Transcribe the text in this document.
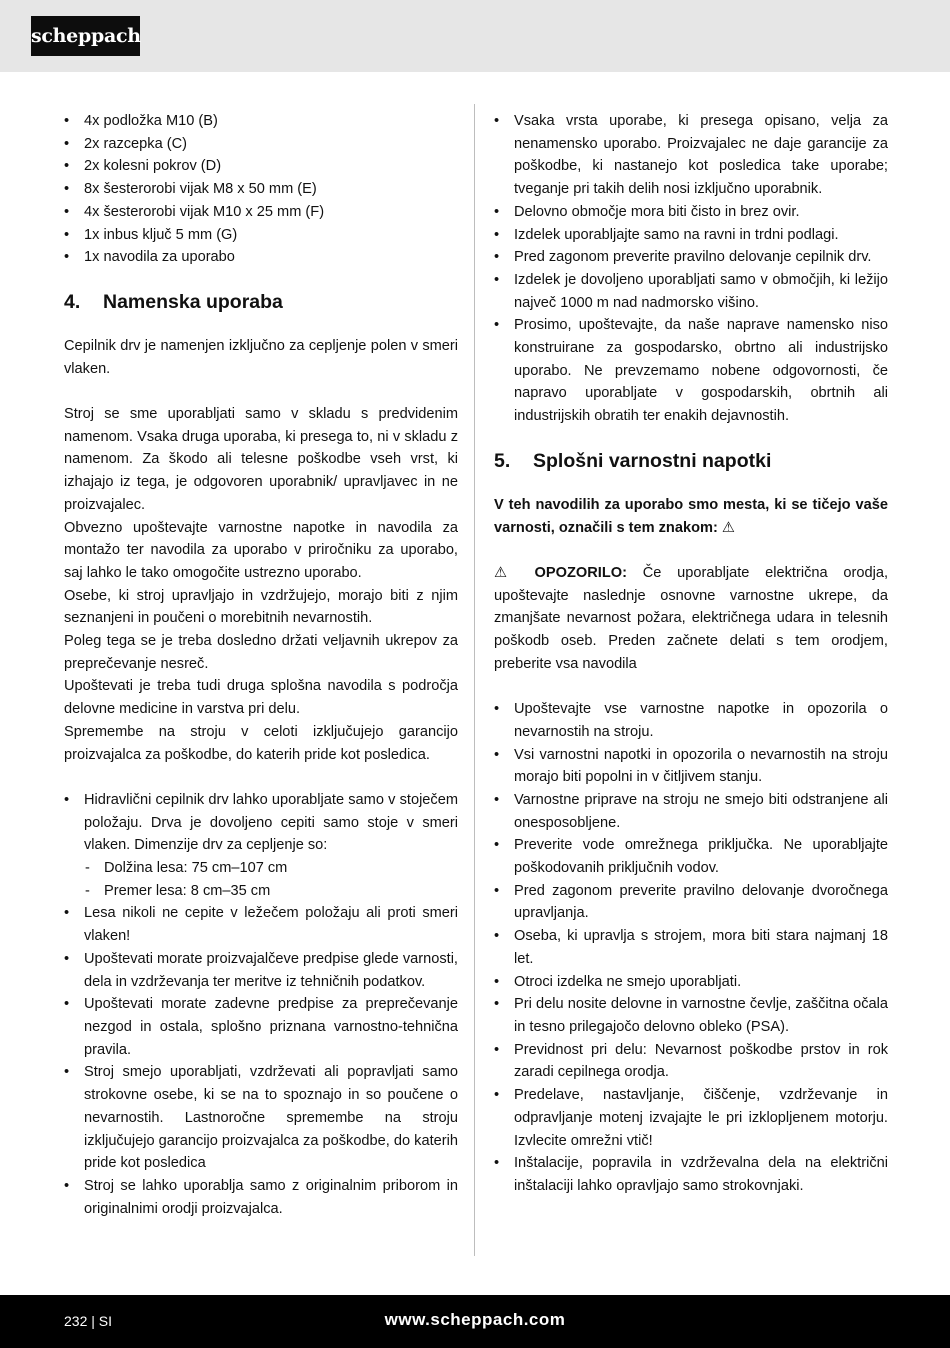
scheppach
• 4x podložka M10 (B)
• 2x razcepka (C)
• 2x kolesni pokrov (D)
• 8x šesterorobi vijak M8 x 50 mm (E)
• 4x šesterorobi vijak M10 x 25 mm (F)
• 1x inbus ključ 5 mm (G)
• 1x navodila za uporabo
4.	Namenska uporaba

Cepilnik drv je namenjen izključno za cepljenje polen v smeri vlaken.

Stroj se sme uporabljati samo v skladu s predvidenim namenom. Vsaka druga uporaba, ki presega to, ni v skladu z namenom. Za škodo ali telesne poškodbe vseh vrst, ki izhajajo iz tega, je odgovoren uporabnik/ upravljavec in ne proizvajalec.

Obvezno upoštevajte varnostne napotke in navodila za montažo ter navodila za uporabo v priročniku za uporabo, saj lahko le tako omogočite ustrezno uporabo.

Osebe, ki stroj upravljajo in vzdržujejo, morajo biti z njim seznanjeni in poučeni o morebitnih nevarnostih.

Poleg tega se je treba dosledno držati veljavnih ukrepov za preprečevanje nesreč.

Upoštevati je treba tudi druga splošna navodila s področja delovne medicine in varstva pri delu.

Spremembe na stroju v celoti izključujejo garancijo proizvajalca za poškodbe, do katerih pride kot posledica.

• Hidravlični cepilnik drv lahko uporabljate samo v stoječem položaju. Drva je dovoljeno cepiti samo stoje v smeri vlaken. Dimenzije drv za cepljenje so:
- Dolžina lesa: 75 cm–107 cm
- Premer lesa: 8 cm–35 cm
• Lesa nikoli ne cepite v ležečem položaju ali proti smeri vlaken!
• Upoštevati morate proizvajalčeve predpise glede varnosti, dela in vzdrževanja ter meritve iz tehničnih podatkov.
• Upoštevati morate zadevne predpise za preprečevanje nezgod in ostala, splošno priznana varnostno-tehnična pravila.
• Stroj smejo uporabljati, vzdrževati ali popravljati samo strokovne osebe, ki se na to spoznajo in so poučene o nevarnostih. Lastnoročne spremembe na stroju izključujejo garancijo proizvajalca za poškodbe, do katerih pride kot posledica
• Stroj se lahko uporablja samo z originalnim priborom in originalnimi orodji proizvajalca.
• Vsaka vrsta uporabe, ki presega opisano, velja za nenamensko uporabo. Proizvajalec ne daje garancije za poškodbe, ki nastanejo kot posledica take uporabe; tveganje pri takih delih nosi izključno uporabnik.
• Delovno območje mora biti čisto in brez ovir.
• Izdelek uporabljajte samo na ravni in trdni podlagi.
• Pred zagonom preverite pravilno delovanje cepilnik drv.
• Izdelek je dovoljeno uporabljati samo v območjih, ki ležijo največ 1000 m nad nadmorsko višino.
• Prosimo, upoštevajte, da naše naprave namensko niso konstruirane za gospodarsko, obrtno ali industrijsko uporabo. Ne prevzemamo nobene odgovornosti, če napravo uporabljate v gospodarskih, obrtnih ali industrijskih obratih ter enakih dejavnostih.
5.	Splošni varnostni napotki

V teh navodilih za uporabo smo mesta, ki se tičejo vaše varnosti, označili s tem znakom: ⚠

⚠ OPOZORILO: Če uporabljate električna orodja, upoštevajte naslednje osnovne varnostne ukrepe, da zmanjšate nevarnost požara, električnega udara in telesnih poškodb oseb. Preden začnete delati s tem orodjem, preberite vsa navodila

• Upoštevajte vse varnostne napotke in opozorila o nevarnostih na stroju.
• Vsi varnostni napotki in opozorila o nevarnostih na stroju morajo biti popolni in v čitljivem stanju.
• Varnostne priprave na stroju ne smejo biti odstranjene ali onesposobljene.
• Preverite vode omrežnega priključka. Ne uporabljajte poškodovanih priključnih vodov.
• Pred zagonom preverite pravilno delovanje dvoročnega upravljanja.
• Oseba, ki upravlja s strojem, mora biti stara najmanj 18 let.
• Otroci izdelka ne smejo uporabljati.
• Pri delu nosite delovne in varnostne čevlje, zaščitna očala in tesno prilegajočo delovno obleko (PSA).
• Previdnost pri delu: Nevarnost poškodbe prstov in rok zaradi cepilnega orodja.
• Predelave, nastavljanje, čiščenje, vzdrževanje in odpravljanje motenj izvajajte le pri izklopljenem motorju. Izvlecite omrežni vtič!
• Inštalacije, popravila in vzdrževalna dela na električni inštalaciji lahko opravljajo samo strokovnjaki.
232 | SI	www.scheppach.com
